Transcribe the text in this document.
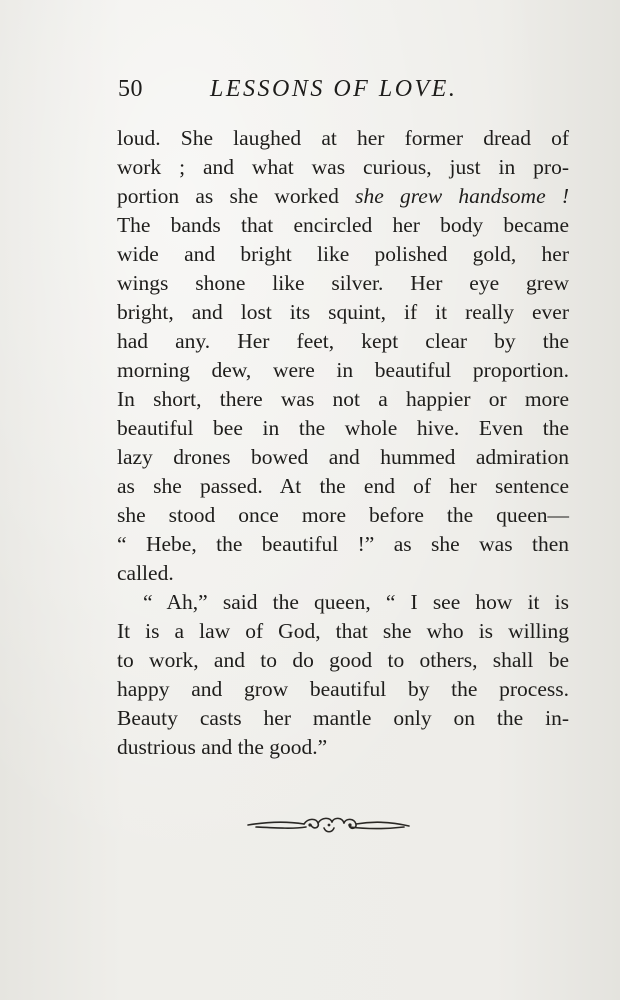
50	LESSONS OF LOVE.
loud. She laughed at her former dread of
work ; and what was curious, just in pro-
portion as she worked she grew handsome !
The bands that encircled her body became
wide and bright like polished gold, her
wings shone like silver. Her eye grew
bright, and lost its squint, if it really ever
had any. Her feet, kept clear by the
morning dew, were in beautiful proportion.
In short, there was not a happier or more
beautiful bee in the whole hive. Even the
lazy drones bowed and hummed admiration
as she passed. At the end of her sentence
she stood once more before the queen—
“ Hebe, the beautiful !” as she was then
called.
“ Ah,” said the queen, “ I see how it is
It is a law of God, that she who is willing
to work, and to do good to others, shall be
happy and grow beautiful by the process.
Beauty casts her mantle only on the in-
dustrious and the good.”
